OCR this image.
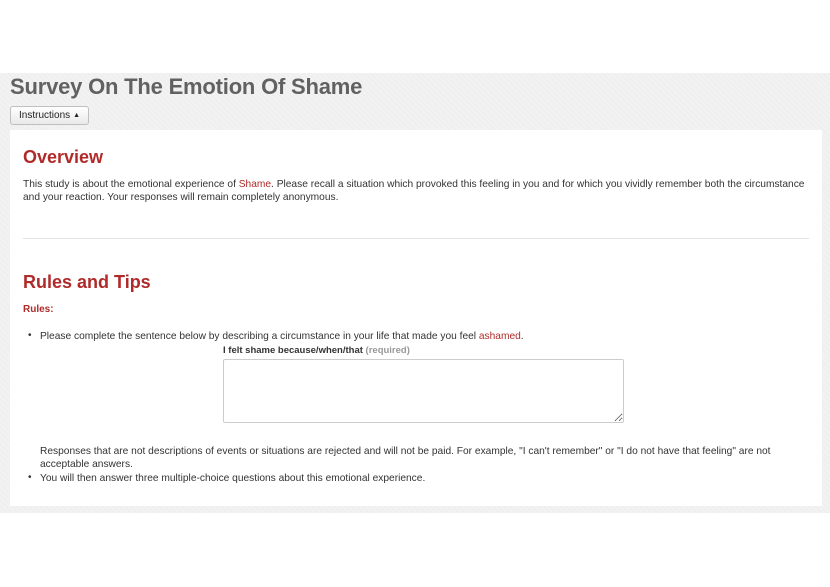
Survey On The Emotion Of Shame
Instructions ▲
Overview

This study is about the emotional experience of Shame. Please recall a situation which provoked this feeling in you and for which you vividly remember both the circumstance and your reaction. Your responses will remain completely anonymous.

Rules and Tips

Rules:

• Please complete the sentence below by describing a circumstance in your life that made you feel ashamed.

I felt shame because/when/that (required)

Responses that are not descriptions of events or situations are rejected and will not be paid. For example, "I can't remember" or "I do not have that feeling" are not acceptable answers.

• You will then answer three multiple-choice questions about this emotional experience.
